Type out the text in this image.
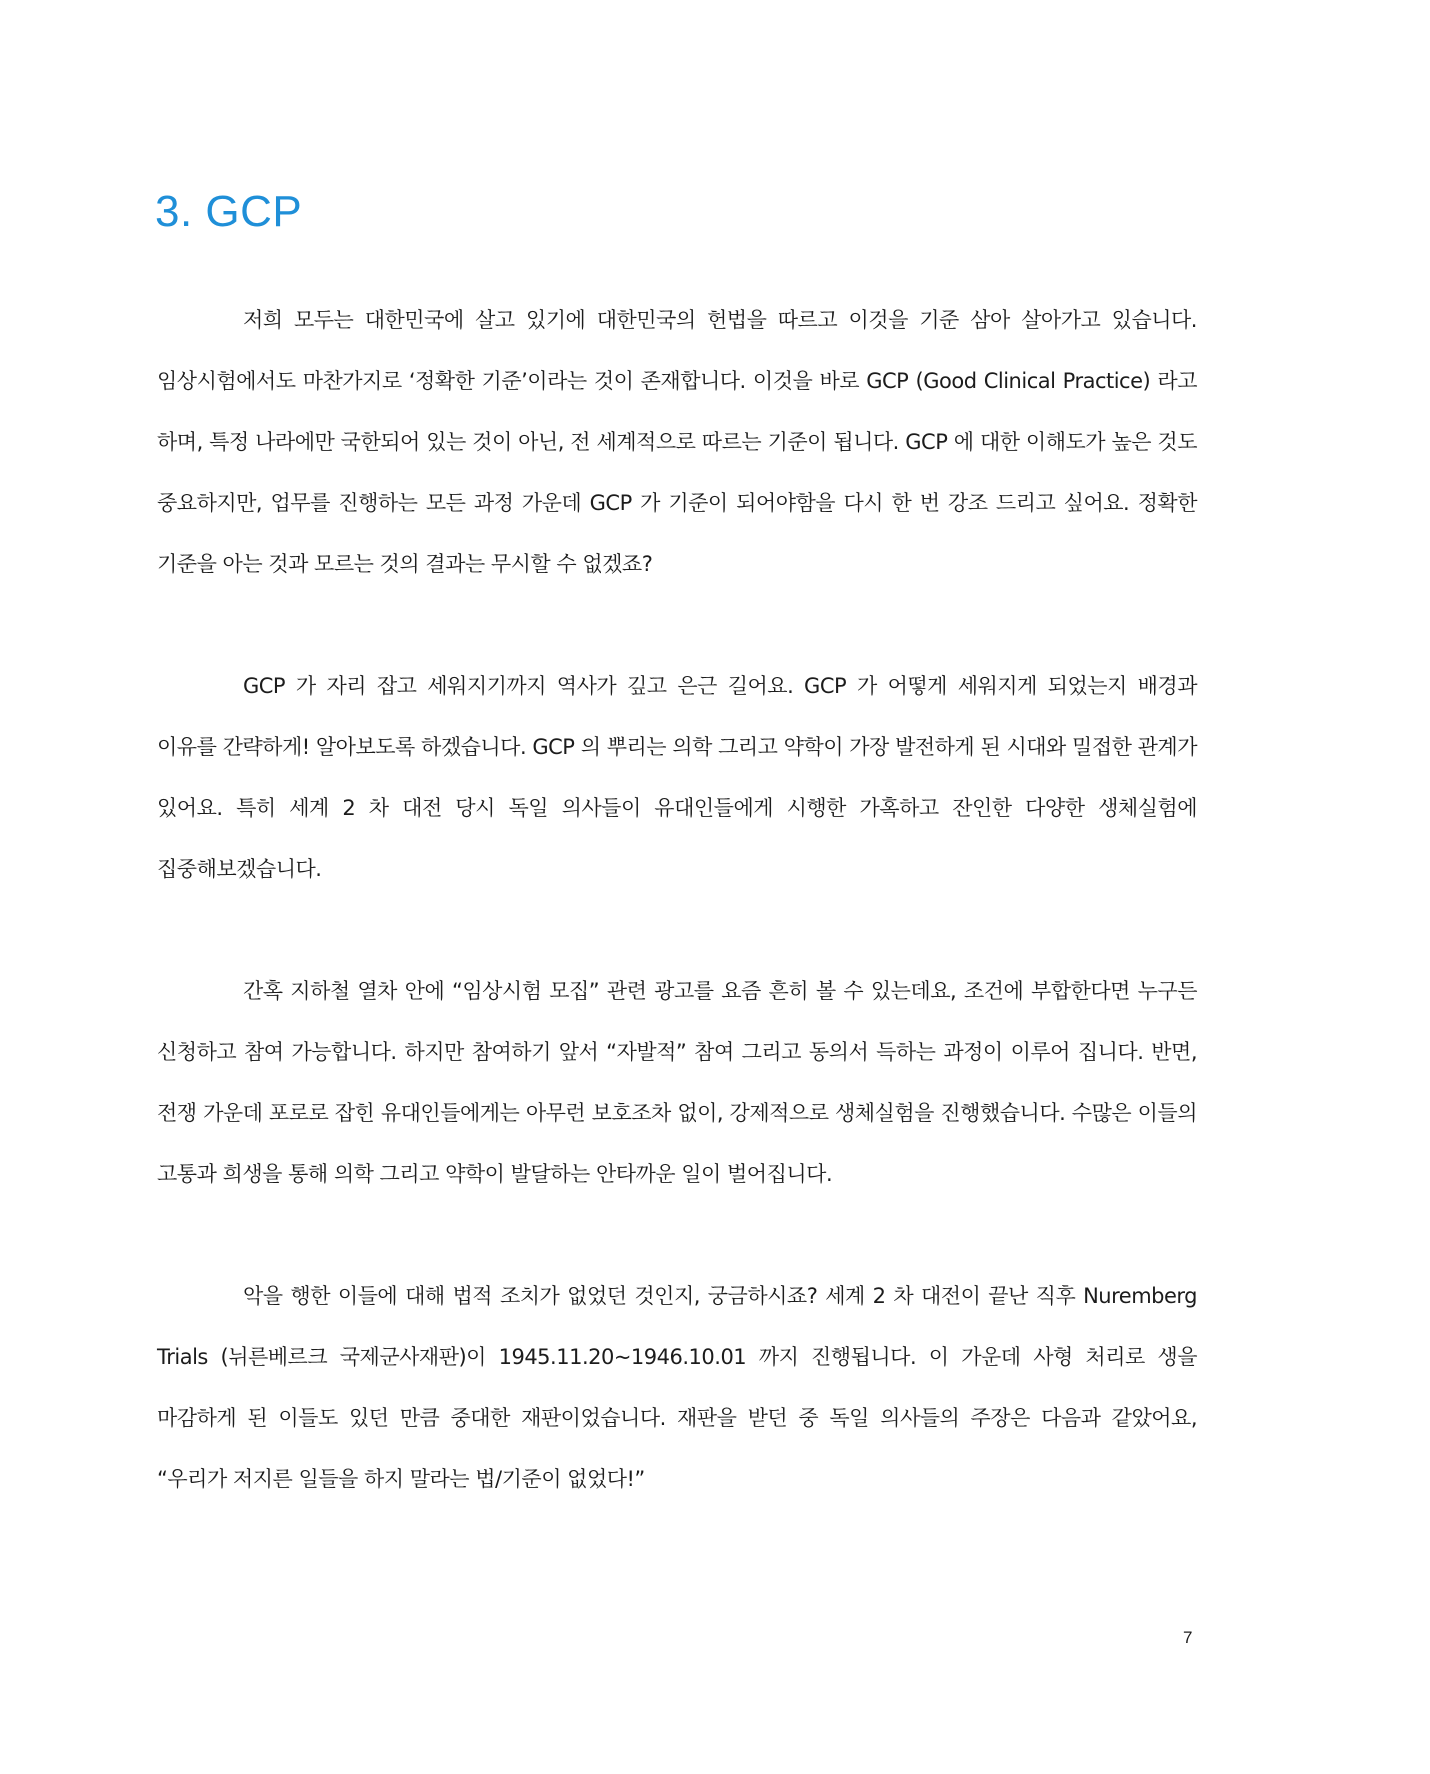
3. GCP

저희 모두는 대한민국에 살고 있기에 대한민국의 헌법을 따르고 이것을 기준 삼아 살아가고 있습니다. 임상시험에서도 마찬가지로 ‘정확한 기준’이라는 것이 존재합니다. 이것을 바로 GCP (Good Clinical Practice) 라고 하며, 특정 나라에만 국한되어 있는 것이 아닌, 전 세계적으로 따르는 기준이 됩니다. GCP 에 대한 이해도가 높은 것도 중요하지만, 업무를 진행하는 모든 과정 가운데 GCP 가 기준이 되어야함을 다시 한 번 강조 드리고 싶어요. 정확한 기준을 아는 것과 모르는 것의 결과는 무시할 수 없겠죠?

GCP 가 자리 잡고 세워지기까지 역사가 깊고 은근 길어요. GCP 가 어떻게 세워지게 되었는지 배경과 이유를 간략하게! 알아보도록 하겠습니다. GCP 의 뿌리는 의학 그리고 약학이 가장 발전하게 된 시대와 밀접한 관계가 있어요. 특히 세계 2 차 대전 당시 독일 의사들이 유대인들에게 시행한 가혹하고 잔인한 다양한 생체실험에 집중해보겠습니다.

간혹 지하철 열차 안에 “임상시험 모집” 관련 광고를 요즘 흔히 볼 수 있는데요, 조건에 부합한다면 누구든 신청하고 참여 가능합니다. 하지만 참여하기 앞서 “자발적” 참여 그리고 동의서 득하는 과정이 이루어 집니다. 반면, 전쟁 가운데 포로로 잡힌 유대인들에게는 아무런 보호조차 없이, 강제적으로 생체실험을 진행했습니다. 수많은 이들의 고통과 희생을 통해 의학 그리고 약학이 발달하는 안타까운 일이 벌어집니다.

악을 행한 이들에 대해 법적 조치가 없었던 것인지, 궁금하시죠? 세계 2 차 대전이 끝난 직후 Nuremberg Trials (뉘른베르크 국제군사재판)이 1945.11.20~1946.10.01 까지 진행됩니다. 이 가운데 사형 처리로 생을 마감하게 된 이들도 있던 만큼 중대한 재판이었습니다. 재판을 받던 중 독일 의사들의 주장은 다음과 같았어요, “우리가 저지른 일들을 하지 말라는 법/기준이 없었다!”

7
